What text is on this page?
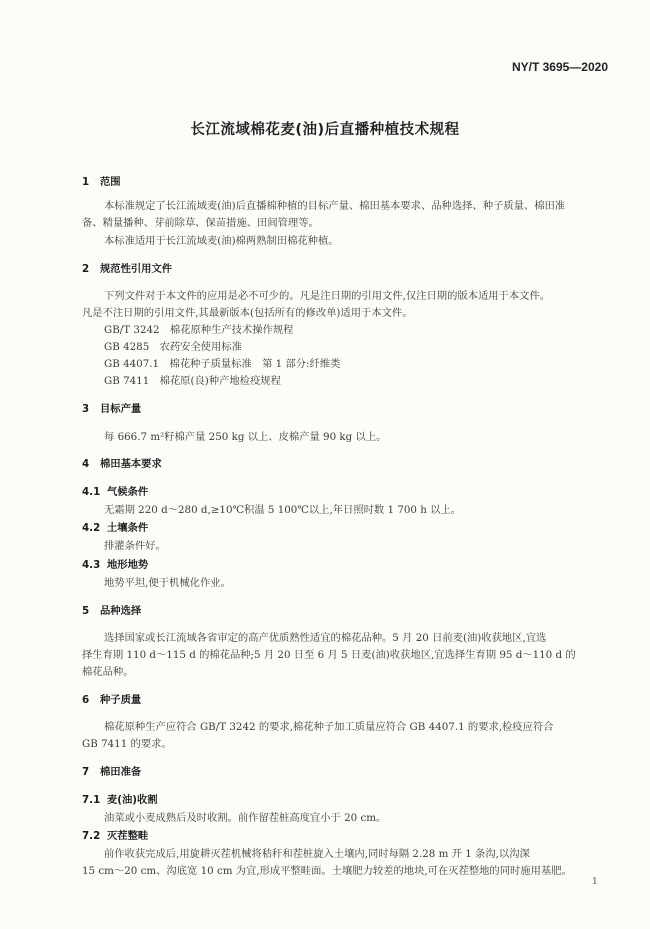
NY/T 3695—2020
长江流域棉花麦(油)后直播种植技术规程
1 范围
本标准规定了长江流域麦(油)后直播棉种植的目标产量、棉田基本要求、品种选择、种子质量、棉田准
备、精量播种、芽前除草、保苗措施、田间管理等。
本标准适用于长江流域麦(油)棉两熟制田棉花种植。
2 规范性引用文件
下列文件对于本文件的应用是必不可少的。凡是注日期的引用文件,仅注日期的版本适用于本文件。
凡是不注日期的引用文件,其最新版本(包括所有的修改单)适用于本文件。
GB/T 3242　棉花原种生产技术操作规程
GB 4285　农药安全使用标准
GB 4407.1　棉花种子质量标准　第 1 部分:纤维类
GB 7411　棉花原(良)种产地检疫规程
3 目标产量
每 666.7 m²籽棉产量 250 kg 以上、皮棉产量 90 kg 以上。
4 棉田基本要求
4.1 气候条件
无霜期 220 d～280 d,≥10℃积温 5 100℃以上,年日照时数 1 700 h 以上。
4.2 土壤条件
排灌条件好。
4.3 地形地势
地势平坦,便于机械化作业。
5 品种选择
选择国家或长江流域各省审定的高产优质熟性适宜的棉花品种。5 月 20 日前麦(油)收获地区,宜选
择生育期 110 d～115 d 的棉花品种;5 月 20 日至 6 月 5 日麦(油)收获地区,宜选择生育期 95 d～110 d 的
棉花品种。
6 种子质量
棉花原种生产应符合 GB/T 3242 的要求,棉花种子加工质量应符合 GB 4407.1 的要求,检疫应符合
GB 7411 的要求。
7 棉田准备
7.1 麦(油)收割
油菜或小麦成熟后及时收割。前作留茬桩高度宜小于 20 cm。
7.2 灭茬整畦
前作收获完成后,用旋耕灭茬机械将秸秆和茬桩旋入土壤内,同时每隔 2.28 m 开 1 条沟,以沟深
15 cm～20 cm、沟底宽 10 cm 为宜,形成平整畦面。土壤肥力较差的地块,可在灭茬整地的同时施用基肥。
1
